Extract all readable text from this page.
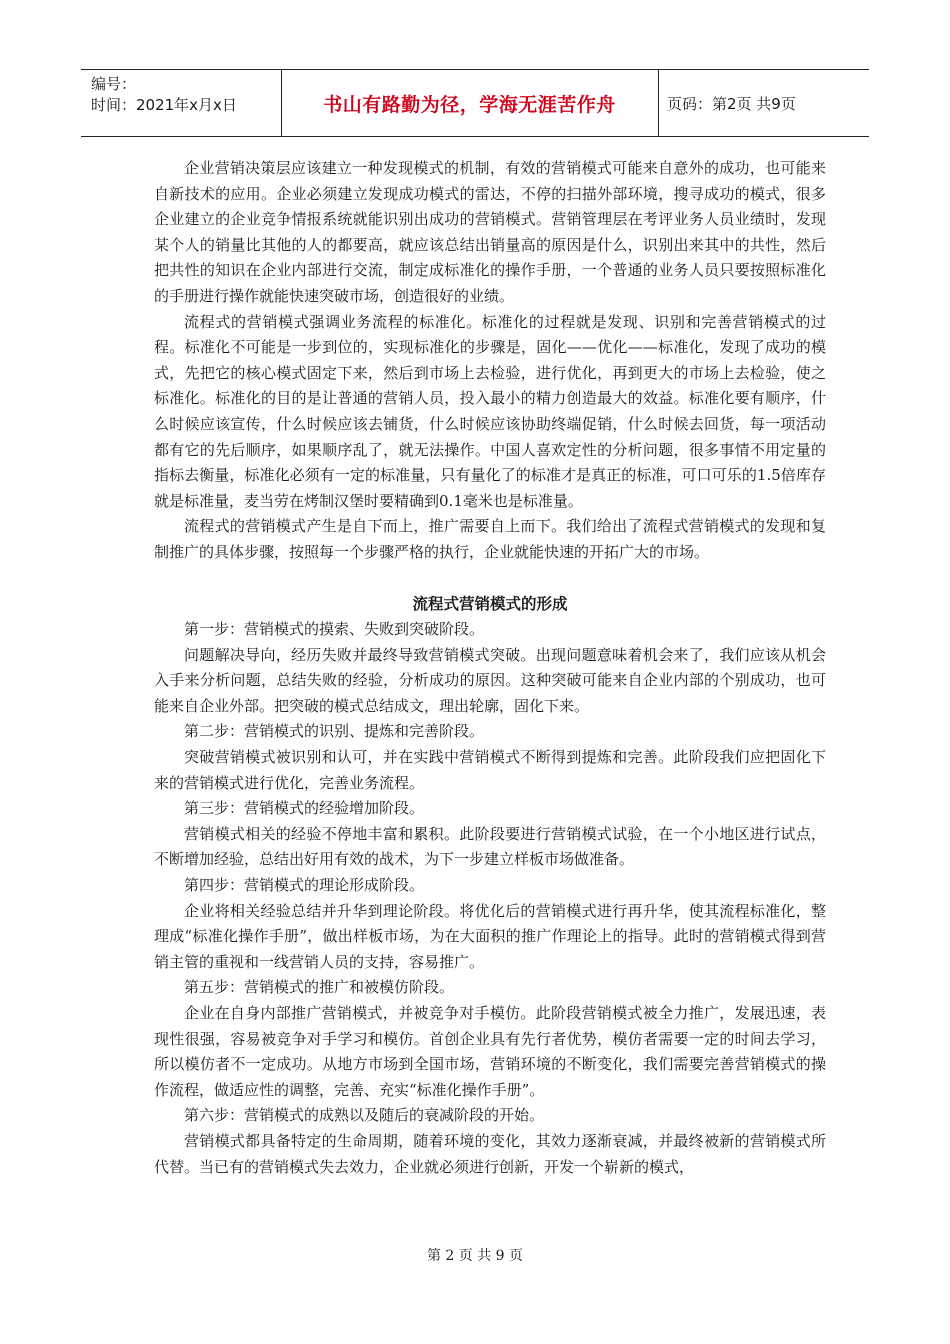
编号：
时间：2021年x月x日	书山有路勤为径，学海无涯苦作舟	页码：第2页 共9页

企业营销决策层应该建立一种发现模式的机制，有效的营销模式可能来自意外的成功，也可能来自新技术的应用。企业必须建立发现成功模式的雷达，不停的扫描外部环境，搜寻成功的模式，很多企业建立的企业竞争情报系统就能识别出成功的营销模式。营销管理层在考评业务人员业绩时，发现某个人的销量比其他的人的都要高，就应该总结出销量高的原因是什么，识别出来其中的共性，然后把共性的知识在企业内部进行交流，制定成标准化的操作手册，一个普通的业务人员只要按照标准化的手册进行操作就能快速突破市场，创造很好的业绩。

流程式的营销模式强调业务流程的标准化。标准化的过程就是发现、识别和完善营销模式的过程。标准化不可能是一步到位的，实现标准化的步骤是，固化——优化——标准化，发现了成功的模式，先把它的核心模式固定下来，然后到市场上去检验，进行优化，再到更大的市场上去检验，使之标准化。标准化的目的是让普通的营销人员，投入最小的精力创造最大的效益。标准化要有顺序，什么时候应该宣传，什么时候应该去铺货，什么时候应该协助终端促销，什么时候去回货，每一项活动都有它的先后顺序，如果顺序乱了，就无法操作。中国人喜欢定性的分析问题，很多事情不用定量的指标去衡量，标准化必须有一定的标准量，只有量化了的标准才是真正的标准，可口可乐的1.5倍库存就是标准量，麦当劳在烤制汉堡时要精确到0.1毫米也是标准量。

流程式的营销模式产生是自下而上，推广需要自上而下。我们给出了流程式营销模式的发现和复制推广的具体步骤，按照每一个步骤严格的执行，企业就能快速的开拓广大的市场。

流程式营销模式的形成

第一步：营销模式的摸索、失败到突破阶段。

问题解决导向，经历失败并最终导致营销模式突破。出现问题意味着机会来了，我们应该从机会入手来分析问题，总结失败的经验，分析成功的原因。这种突破可能来自企业内部的个别成功，也可能来自企业外部。把突破的模式总结成文，理出轮廓，固化下来。

第二步：营销模式的识别、提炼和完善阶段。

突破营销模式被识别和认可，并在实践中营销模式不断得到提炼和完善。此阶段我们应把固化下来的营销模式进行优化，完善业务流程。

第三步：营销模式的经验增加阶段。

营销模式相关的经验不停地丰富和累积。此阶段要进行营销模式试验，在一个小地区进行试点，不断增加经验，总结出好用有效的战术，为下一步建立样板市场做准备。

第四步：营销模式的理论形成阶段。

企业将相关经验总结并升华到理论阶段。将优化后的营销模式进行再升华，使其流程标准化，整理成“标准化操作手册”，做出样板市场，为在大面积的推广作理论上的指导。此时的营销模式得到营销主管的重视和一线营销人员的支持，容易推广。

第五步：营销模式的推广和被模仿阶段。

企业在自身内部推广营销模式，并被竞争对手模仿。此阶段营销模式被全力推广，发展迅速，表现性很强，容易被竞争对手学习和模仿。首创企业具有先行者优势，模仿者需要一定的时间去学习，所以模仿者不一定成功。从地方市场到全国市场，营销环境的不断变化，我们需要完善营销模式的操作流程，做适应性的调整，完善、充实“标准化操作手册”。

第六步：营销模式的成熟以及随后的衰减阶段的开始。

营销模式都具备特定的生命周期，随着环境的变化，其效力逐渐衰减，并最终被新的营销模式所代替。当已有的营销模式失去效力，企业就必须进行创新，开发一个崭新的模式，

第 2 页 共 9 页
